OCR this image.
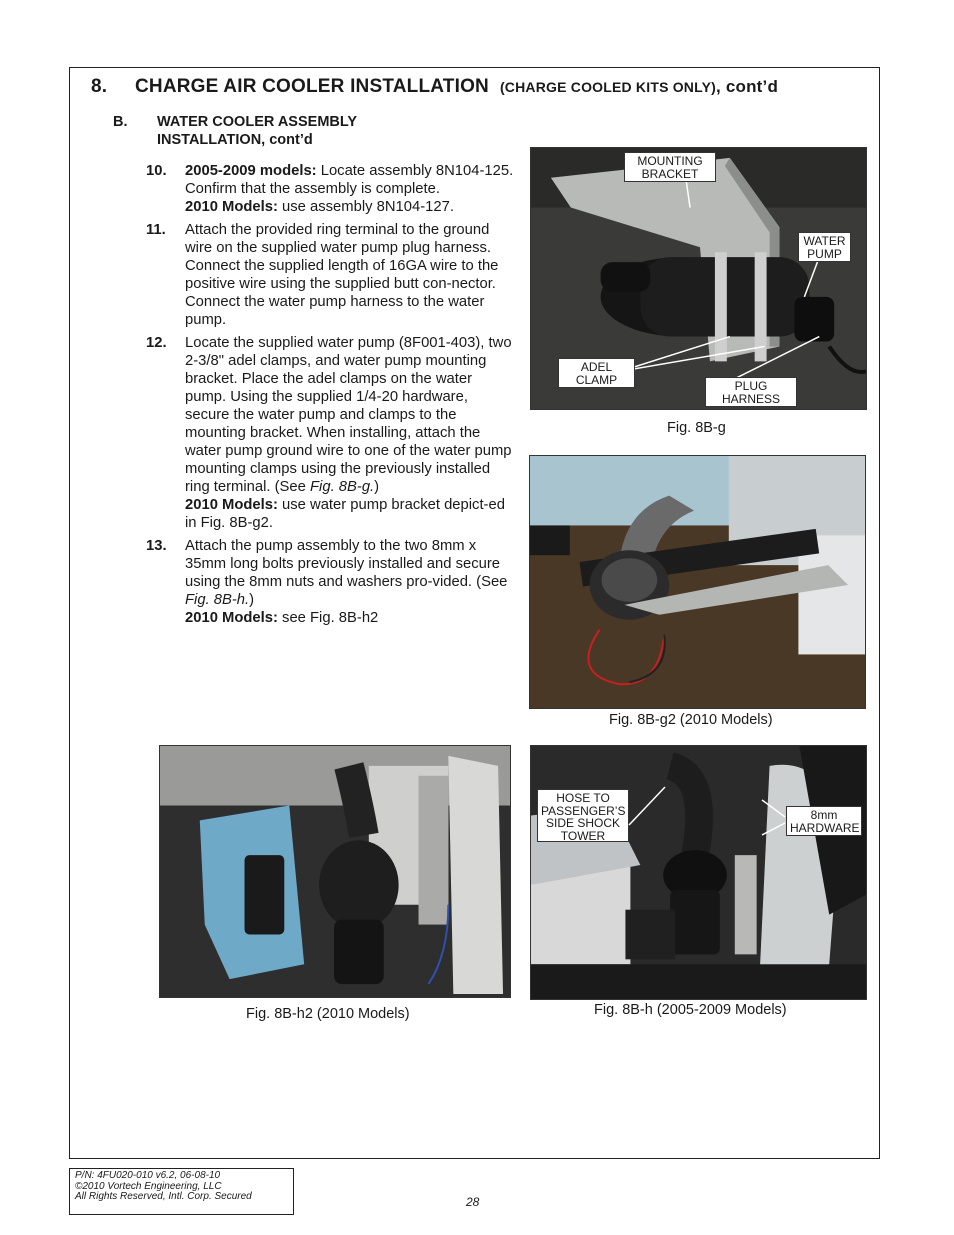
8. CHARGE AIR COOLER INSTALLATION (CHARGE COOLED KITS ONLY), cont’d
B. WATER COOLER ASSEMBLY
INSTALLATION, cont’d
10. 2005-2009 models: Locate assembly 8N104-125. Confirm that the assembly is complete.

2010 Models: use assembly 8N104-127.

11. Attach the provided ring terminal to the ground wire on the supplied water pump plug harness. Connect the supplied length of 16GA wire to the positive wire using the supplied butt con-nector. Connect the water pump harness to the water pump.

12. Locate the supplied water pump (8F001-403), two 2-3/8" adel clamps, and water pump mounting bracket. Place the adel clamps on the water pump. Using the supplied 1/4-20 hardware, secure the water pump and clamps to the mounting bracket. When installing, attach the water pump ground wire to one of the water pump mounting clamps using the previously installed ring terminal. (See Fig. 8B-g.)

2010 Models: use water pump bracket depict-ed in Fig. 8B-g2.

13. Attach the pump assembly to the two 8mm x 35mm long bolts previously installed and secure using the 8mm nuts and washers pro-vided. (See Fig. 8B-h.)

2010 Models: see Fig. 8B-h2

MOUNTING
BRACKET
WATER
PUMP
ADEL
CLAMP	PLUG
HARNESS
Fig. 8B-g
Fig. 8B-g2 (2010 Models)
Fig. 8B-h2 (2010 Models)
HOSE TO
PASSENGER’S
SIDE SHOCK
TOWER
8mm
HARDWARE
Fig. 8B-h (2005-2009 Models)
P/N: 4FU020-010 v6.2, 06-08-10
©2010 Vortech Engineering, LLC
All Rights Reserved, Intl. Corp. Secured	28
